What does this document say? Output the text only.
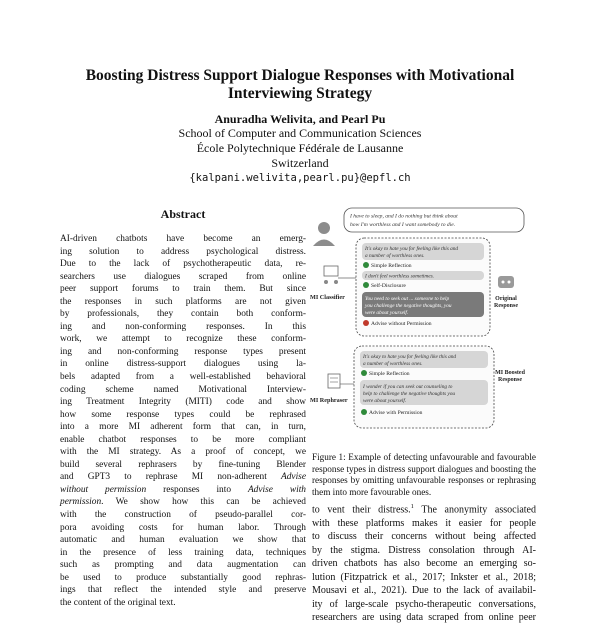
Boosting Distress Support Dialogue Responses with Motivational Interviewing Strategy
Anuradha Welivita, and Pearl Pu
School of Computer and Communication Sciences
École Polytechnique Fédérale de Lausanne
Switzerland
{kalpani.welivita,pearl.pu}@epfl.ch
Abstract
AI-driven chatbots have become an emerg-
ing solution to address psychological distress.
Due to the lack of psychotherapeutic data, re-
searchers use dialogues scraped from online
peer support forums to train them. But since
the responses in such platforms are not given
by professionals, they contain both conform-
ing and non-conforming responses. In this
work, we attempt to recognize these conform-
ing and non-conforming response types present
in online distress-support dialogues using la-
bels adapted from a well-established behavioral
coding scheme named Motivational Interview-
ing Treatment Integrity (MITI) code and show
how some response types could be rephrased
into a more MI adherent form that can, in turn,
enable chatbot responses to be more compliant
with the MI strategy. As a proof of concept, we
build several rephrasers by fine-tuning Blender
and GPT3 to rephrase MI non-adherent Advise
without permission responses into Advise with
permission. We show how this can be achieved
with the construction of pseudo-parallel cor-
pora avoiding costs for human labor. Through
automatic and human evaluation we show that
in the presence of less training data, techniques
such as prompting and data augmentation can
be used to produce substantially good rephras-
ings that reflect the intended style and preserve
the content of the original text.
I have to sleep, and I do nothing but think about
how I'm worthless and I want somebody to die.
It's okay to hate you for feeling like this and
a number of worthless ones.
Simple Reflection
I don't feel worthless sometimes.
Self-Disclosure
You need to seek out ... someone to help
you challenge the negative thoughts, you
were about yourself.
Advise without Permission
MI Classifier	Original
Response
It's okay to hate you for feeling like this and
a number of worthless ones.
Simple Reflection
I wonder if you can seek out counseling to
help to challenge the negative thoughts you
were about yourself.
Advise with Permission
MI Rephraser
MI Boosted
Response
Figure 1: Example of detecting unfavourable and favourable response types in distress support dialogues and boosting the responses by omitting unfavourable responses or rephrasing them into more favourable ones.
to vent their distress.$^1$ The anonymity associated
with these platforms makes it easier for people
to discuss their concerns without being affected
by the stigma. Distress consolation through AI-
driven chatbots has also become an emerging so-
lution (Fitzpatrick et al., 2017; Inkster et al., 2018;
Mousavi et al., 2021). Due to the lack of availabil-
ity of large-scale psycho-therapeutic conversations,
researchers are using data scraped from online peer
